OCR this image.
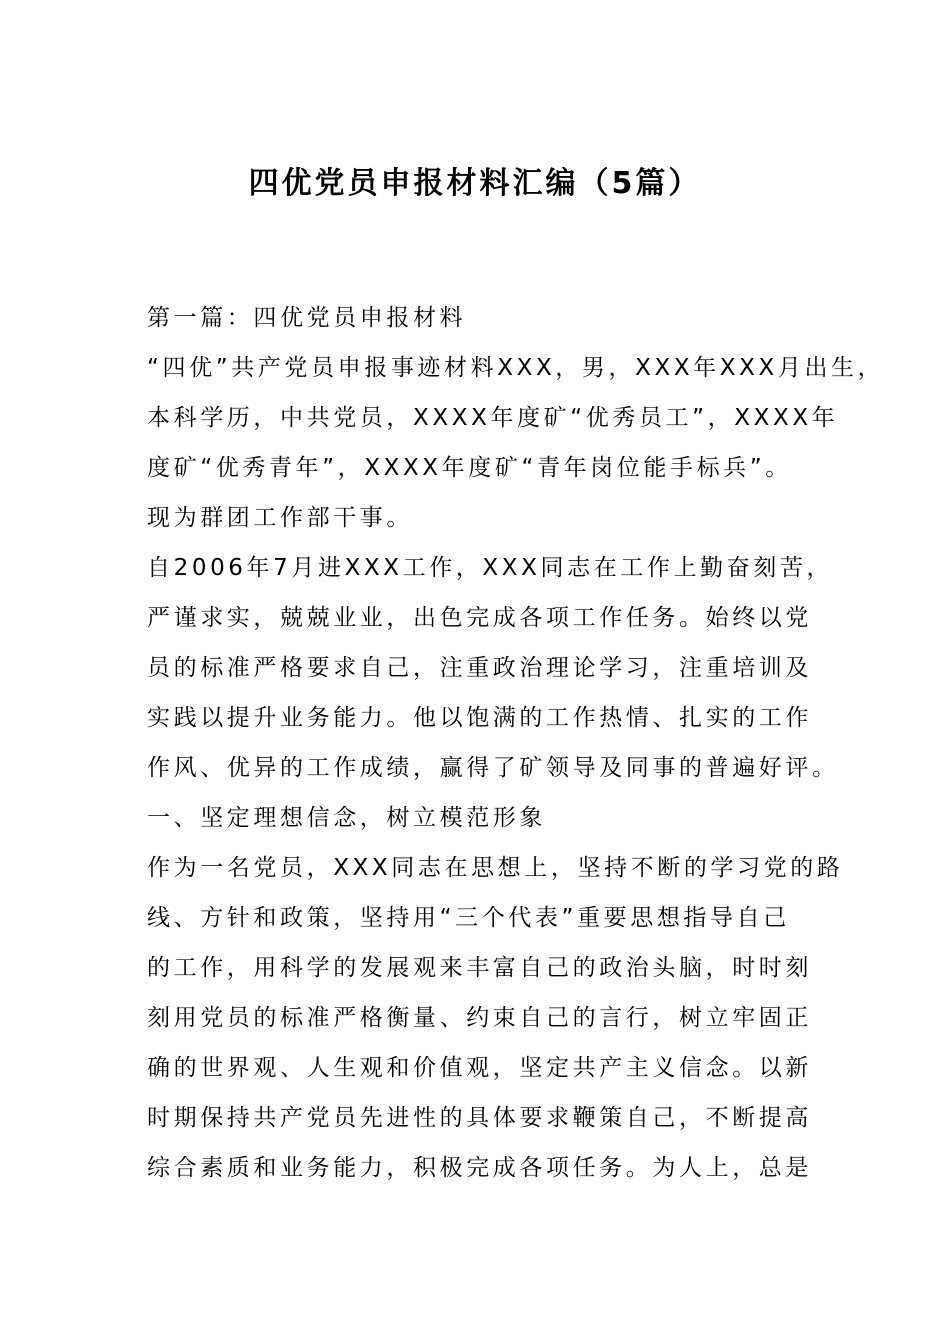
四优党员申报材料汇编（5篇）
第一篇：四优党员申报材料
“四优”共产党员申报事迹材料XXX，男，XXX年XXX月出生，
本科学历，中共党员，XXXX年度矿“优秀员工”，XXXX年
度矿“优秀青年”，XXXX年度矿“青年岗位能手标兵”。
现为群团工作部干事。
自2006年7月进XXX工作，XXX同志在工作上勤奋刻苦，
严谨求实，兢兢业业，出色完成各项工作任务。始终以党
员的标准严格要求自己，注重政治理论学习，注重培训及
实践以提升业务能力。他以饱满的工作热情、扎实的工作
作风、优异的工作成绩，赢得了矿领导及同事的普遍好评。
一、坚定理想信念，树立模范形象
作为一名党员，XXX同志在思想上，坚持不断的学习党的路
线、方针和政策，坚持用“三个代表”重要思想指导自己
的工作，用科学的发展观来丰富自己的政治头脑，时时刻
刻用党员的标准严格衡量、约束自己的言行，树立牢固正
确的世界观、人生观和价值观，坚定共产主义信念。以新
时期保持共产党员先进性的具体要求鞭策自己，不断提高
综合素质和业务能力，积极完成各项任务。为人上，总是
